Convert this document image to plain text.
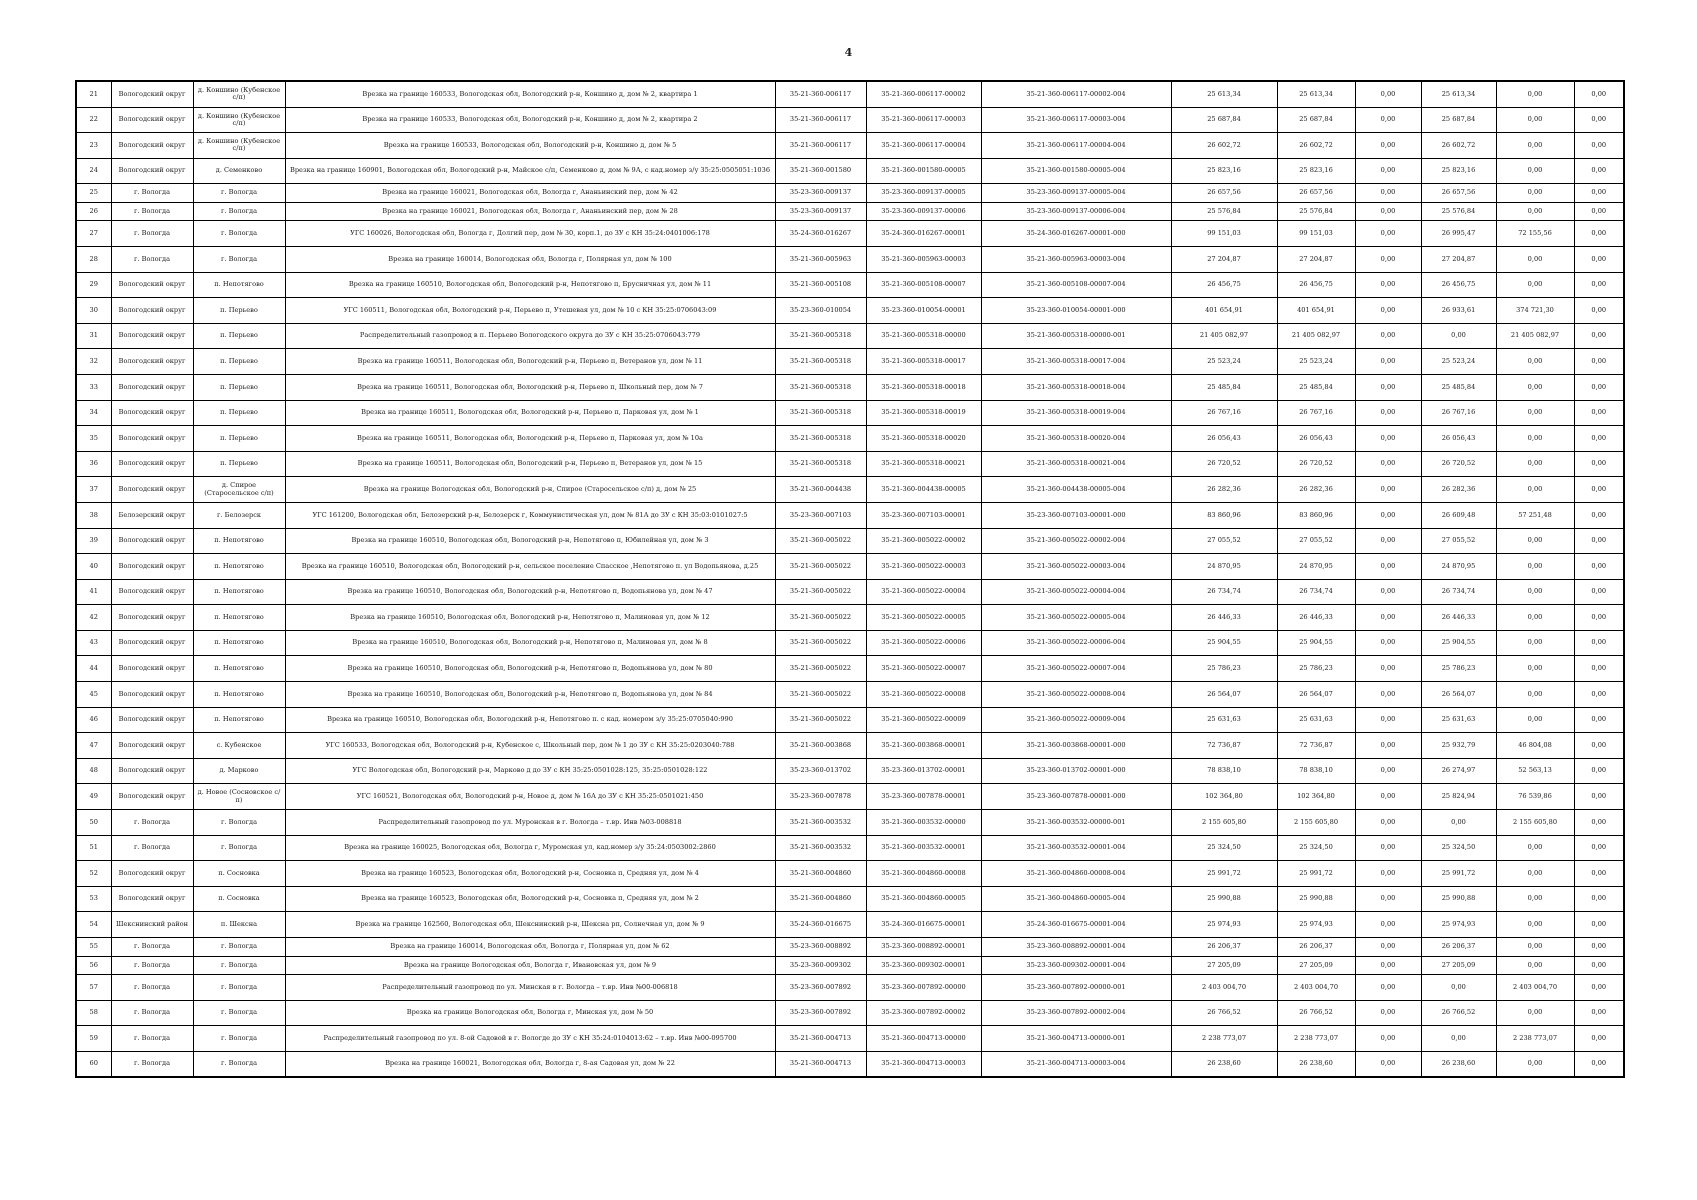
4
21	Вологодский округ	д. Коншино (Кубенское с/п)	Врезка на границе 160533, Вологодская обл, Вологодский р-н, Коншино д, дом № 2, квартира 1	35-21-360-006117	35-21-360-006117-00002	35-21-360-006117-00002-004	25 613,34	25 613,34	0,00	25 613,34	0,00	0,00
22	Вологодский округ	д. Коншино (Кубенское с/п)	Врезка на границе 160533, Вологодская обл, Вологодский р-н, Коншино д, дом № 2, квартира 2	35-21-360-006117	35-21-360-006117-00003	35-21-360-006117-00003-004	25 687,84	25 687,84	0,00	25 687,84	0,00	0,00
23	Вологодский округ	д. Коншино (Кубенское с/п)	Врезка на границе 160533, Вологодская обл, Вологодский р-н, Коншино д, дом № 5	35-21-360-006117	35-21-360-006117-00004	35-21-360-006117-00004-004	26 602,72	26 602,72	0,00	26 602,72	0,00	0,00
24	Вологодский округ	д. Семенково	Врезка на границе 160901, Вологодская обл, Вологодский р-н, Майское с/п, Семенково д, дом № 9А, с кад.номер з/у 35:25:0505051:1036	35-21-360-001580	35-21-360-001580-00005	35-21-360-001580-00005-004	25 823,16	25 823,16	0,00	25 823,16	0,00	0,00
25	г. Вологда	г. Вологда	Врезка на границе 160021, Вологодская обл, Вологда г, Ананьинский пер, дом № 42	35-23-360-009137	35-23-360-009137-00005	35-23-360-009137-00005-004	26 657,56	26 657,56	0,00	26 657,56	0,00	0,00
26	г. Вологда	г. Вологда	Врезка на границе 160021, Вологодская обл, Вологда г, Ананьинский пер, дом № 28	35-23-360-009137	35-23-360-009137-00006	35-23-360-009137-00006-004	25 576,84	25 576,84	0,00	25 576,84	0,00	0,00
27	г. Вологда	г. Вологда	УГС 160026, Вологодская обл, Вологда г, Долгий пер, дом № 30, корп.1, до ЗУ с КН 35:24:0401006:178	35-24-360-016267	35-24-360-016267-00001	35-24-360-016267-00001-000	99 151,03	99 151,03	0,00	26 995,47	72 155,56	0,00
28	г. Вологда	г. Вологда	Врезка на границе 160014, Вологодская обл, Вологда г, Полярная ул, дом № 100	35-21-360-005963	35-21-360-005963-00003	35-21-360-005963-00003-004	27 204,87	27 204,87	0,00	27 204,87	0,00	0,00
29	Вологодский округ	п. Непотягово	Врезка на границе 160510, Вологодская обл, Вологодский р-н, Непотягово п, Брусничная ул, дом № 11	35-21-360-005108	35-21-360-005108-00007	35-21-360-005108-00007-004	26 456,75	26 456,75	0,00	26 456,75	0,00	0,00
30	Вологодский округ	п. Перьево	УГС 160511, Вологодская обл, Вологодский р-н, Перьево п, Утешевая ул, дом № 10 с КН 35:25:0706043:09	35-23-360-010054	35-23-360-010054-00001	35-23-360-010054-00001-000	401 654,91	401 654,91	0,00	26 933,61	374 721,30	0,00
31	Вологодский округ	п. Перьево	Распределительный газопровод в п. Перьево Вологодского округа до ЗУ с КН 35:25:0706043:779	35-21-360-005318	35-21-360-005318-00000	35-21-360-005318-00000-001	21 405 082,97	21 405 082,97	0,00	0,00	21 405 082,97	0,00
32	Вологодский округ	п. Перьево	Врезка на границе 160511, Вологодская обл, Вологодский р-н, Перьево п, Ветеранов ул, дом № 11	35-21-360-005318	35-21-360-005318-00017	35-21-360-005318-00017-004	25 523,24	25 523,24	0,00	25 523,24	0,00	0,00
33	Вологодский округ	п. Перьево	Врезка на границе 160511, Вологодская обл, Вологодский р-н, Перьево п, Школьный пер, дом № 7	35-21-360-005318	35-21-360-005318-00018	35-21-360-005318-00018-004	25 485,84	25 485,84	0,00	25 485,84	0,00	0,00
34	Вологодский округ	п. Перьево	Врезка на границе 160511, Вологодская обл, Вологодский р-н, Перьево п, Парковая ул, дом № 1	35-21-360-005318	35-21-360-005318-00019	35-21-360-005318-00019-004	26 767,16	26 767,16	0,00	26 767,16	0,00	0,00
35	Вологодский округ	п. Перьево	Врезка на границе 160511, Вологодская обл, Вологодский р-н, Перьево п, Парковая ул, дом № 10а	35-21-360-005318	35-21-360-005318-00020	35-21-360-005318-00020-004	26 056,43	26 056,43	0,00	26 056,43	0,00	0,00
36	Вологодский округ	п. Перьево	Врезка на границе 160511, Вологодская обл, Вологодский р-н, Перьево п, Ветеранов ул, дом № 15	35-21-360-005318	35-21-360-005318-00021	35-21-360-005318-00021-004	26 720,52	26 720,52	0,00	26 720,52	0,00	0,00
37	Вологодский округ	д. Спирое (Старосельское с/п)	Врезка на границе Вологодская обл, Вологодский р-н, Спирое (Старосельское с/п) д, дом № 25	35-21-360-004438	35-21-360-004438-00005	35-21-360-004438-00005-004	26 282,36	26 282,36	0,00	26 282,36	0,00	0,00
38	Белозерский округ	г. Белозерск	УГС 161200, Вологодская обл, Белозерский р-н, Белозерск г, Коммунистическая ул, дом № 81А до ЗУ с КН 35:03:0101027:5	35-23-360-007103	35-23-360-007103-00001	35-23-360-007103-00001-000	83 860,96	83 860,96	0,00	26 609,48	57 251,48	0,00
39	Вологодский округ	п. Непотягово	Врезка на границе 160510, Вологодская обл, Вологодский р-н, Непотягово п, Юбилейная ул, дом № 3	35-21-360-005022	35-21-360-005022-00002	35-21-360-005022-00002-004	27 055,52	27 055,52	0,00	27 055,52	0,00	0,00
40	Вологодский округ	п. Непотягово	Врезка на границе 160510, Вологодская обл, Вологодский р-н, сельское поселение Спасское ,Непотягово п. ул Водопьянова, д.25	35-21-360-005022	35-21-360-005022-00003	35-21-360-005022-00003-004	24 870,95	24 870,95	0,00	24 870,95	0,00	0,00
41	Вологодский округ	п. Непотягово	Врезка на границе 160510, Вологодская обл, Вологодский р-н, Непотягово п, Водопьянова ул, дом № 47	35-21-360-005022	35-21-360-005022-00004	35-21-360-005022-00004-004	26 734,74	26 734,74	0,00	26 734,74	0,00	0,00
42	Вологодский округ	п. Непотягово	Врезка на границе 160510, Вологодская обл, Вологодский р-н, Непотягово п, Малиновая ул, дом № 12	35-21-360-005022	35-21-360-005022-00005	35-21-360-005022-00005-004	26 446,33	26 446,33	0,00	26 446,33	0,00	0,00
43	Вологодский округ	п. Непотягово	Врезка на границе 160510, Вологодская обл, Вологодский р-н, Непотягово п, Малиновая ул, дом № 8	35-21-360-005022	35-21-360-005022-00006	35-21-360-005022-00006-004	25 904,55	25 904,55	0,00	25 904,55	0,00	0,00
44	Вологодский округ	п. Непотягово	Врезка на границе 160510, Вологодская обл, Вологодский р-н, Непотягово п, Водопьянова ул, дом № 80	35-21-360-005022	35-21-360-005022-00007	35-21-360-005022-00007-004	25 786,23	25 786,23	0,00	25 786,23	0,00	0,00
45	Вологодский округ	п. Непотягово	Врезка на границе 160510, Вологодская обл, Вологодский р-н, Непотягово п, Водопьянова ул, дом № 84	35-21-360-005022	35-21-360-005022-00008	35-21-360-005022-00008-004	26 564,07	26 564,07	0,00	26 564,07	0,00	0,00
46	Вологодский округ	п. Непотягово	Врезка на границе 160510, Вологодская обл, Вологодский р-н, Непотягово п. с кад. номером з/у 35:25:0705040:990	35-21-360-005022	35-21-360-005022-00009	35-21-360-005022-00009-004	25 631,63	25 631,63	0,00	25 631,63	0,00	0,00
47	Вологодский округ	с. Кубенское	УГС 160533, Вологодская обл, Вологодский р-н, Кубенское с, Школьный пер, дом № 1 до ЗУ с КН 35:25:0203040:788	35-21-360-003868	35-21-360-003868-00001	35-21-360-003868-00001-000	72 736,87	72 736,87	0,00	25 932,79	46 804,08	0,00
48	Вологодский округ	д. Марково	УГС Вологодская обл, Вологодский р-н, Марково д до ЗУ с КН 35:25:0501028:125, 35:25:0501028:122	35-23-360-013702	35-23-360-013702-00001	35-23-360-013702-00001-000	78 838,10	78 838,10	0,00	26 274,97	52 563,13	0,00
49	Вологодский округ	д. Новое (Сосновское с/п)	УГС 160521, Вологодская обл, Вологодский р-н, Новое д, дом № 16А до ЗУ с КН 35:25:0501021:450	35-23-360-007878	35-23-360-007878-00001	35-23-360-007878-00001-000	102 364,80	102 364,80	0,00	25 824,94	76 539,86	0,00
50	г. Вологда	г. Вологда	Распределительный газопровод по ул. Муронская в г. Вологда – т.вр. Инв №03-008818	35-21-360-003532	35-21-360-003532-00000	35-21-360-003532-00000-001	2 155 605,80	2 155 605,80	0,00	0,00	2 155 605,80	0,00
51	г. Вологда	г. Вологда	Врезка на границе 160025, Вологодская обл, Вологда г, Муромская ул, кад.номер з/у 35:24:0503002:2860	35-21-360-003532	35-21-360-003532-00001	35-21-360-003532-00001-004	25 324,50	25 324,50	0,00	25 324,50	0,00	0,00
52	Вологодский округ	п. Сосновка	Врезка на границе 160523, Вологодская обл, Вологодский р-н, Сосновка п, Средняя ул, дом № 4	35-21-360-004860	35-21-360-004860-00008	35-21-360-004860-00008-004	25 991,72	25 991,72	0,00	25 991,72	0,00	0,00
53	Вологодский округ	п. Сосновка	Врезка на границе 160523, Вологодская обл, Вологодский р-н, Сосновка п, Средняя ул, дом № 2	35-21-360-004860	35-21-360-004860-00005	35-21-360-004860-00005-004	25 990,88	25 990,88	0,00	25 990,88	0,00	0,00
54	Шекснинский район	п. Шексна	Врезка на границе 162560, Вологодская обл, Шекснинский р-н, Шексна рп, Солнечная ул, дом № 9	35-24-360-016675	35-24-360-016675-00001	35-24-360-016675-00001-004	25 974,93	25 974,93	0,00	25 974,93	0,00	0,00
55	г. Вологда	г. Вологда	Врезка на границе 160014, Вологодская обл, Вологда г, Полярная ул, дом № 62	35-23-360-008892	35-23-360-008892-00001	35-23-360-008892-00001-004	26 206,37	26 206,37	0,00	26 206,37	0,00	0,00
56	г. Вологда	г. Вологда	Врезка на границе Вологодская обл, Вологда г, Ивановская ул, дом № 9	35-23-360-009302	35-23-360-009302-00001	35-23-360-009302-00001-004	27 205,09	27 205,09	0,00	27 205,09	0,00	0,00
57	г. Вологда	г. Вологда	Распределительный газопровод по ул. Минская в г. Вологда – т.вр. Инв №00-006818	35-23-360-007892	35-23-360-007892-00000	35-23-360-007892-00000-001	2 403 004,70	2 403 004,70	0,00	0,00	2 403 004,70	0,00
58	г. Вологда	г. Вологда	Врезка на границе Вологодская обл, Вологда г, Минская ул, дом № 50	35-23-360-007892	35-23-360-007892-00002	35-23-360-007892-00002-004	26 766,52	26 766,52	0,00	26 766,52	0,00	0,00
59	г. Вологда	г. Вологда	Распределительный газопровод по ул. 8-ой Садовой в г. Вологде до ЗУ с КН 35:24:0104013:62 – т.вр. Инв №00-095700	35-21-360-004713	35-21-360-004713-00000	35-21-360-004713-00000-001	2 238 773,07	2 238 773,07	0,00	0,00	2 238 773,07	0,00
60	г. Вологда	г. Вологда	Врезка на границе 160021, Вологодская обл, Вологда г, 8-ая Садовая ул, дом № 22	35-21-360-004713	35-21-360-004713-00003	35-21-360-004713-00003-004	26 238,60	26 238,60	0,00	26 238,60	0,00	0,00
